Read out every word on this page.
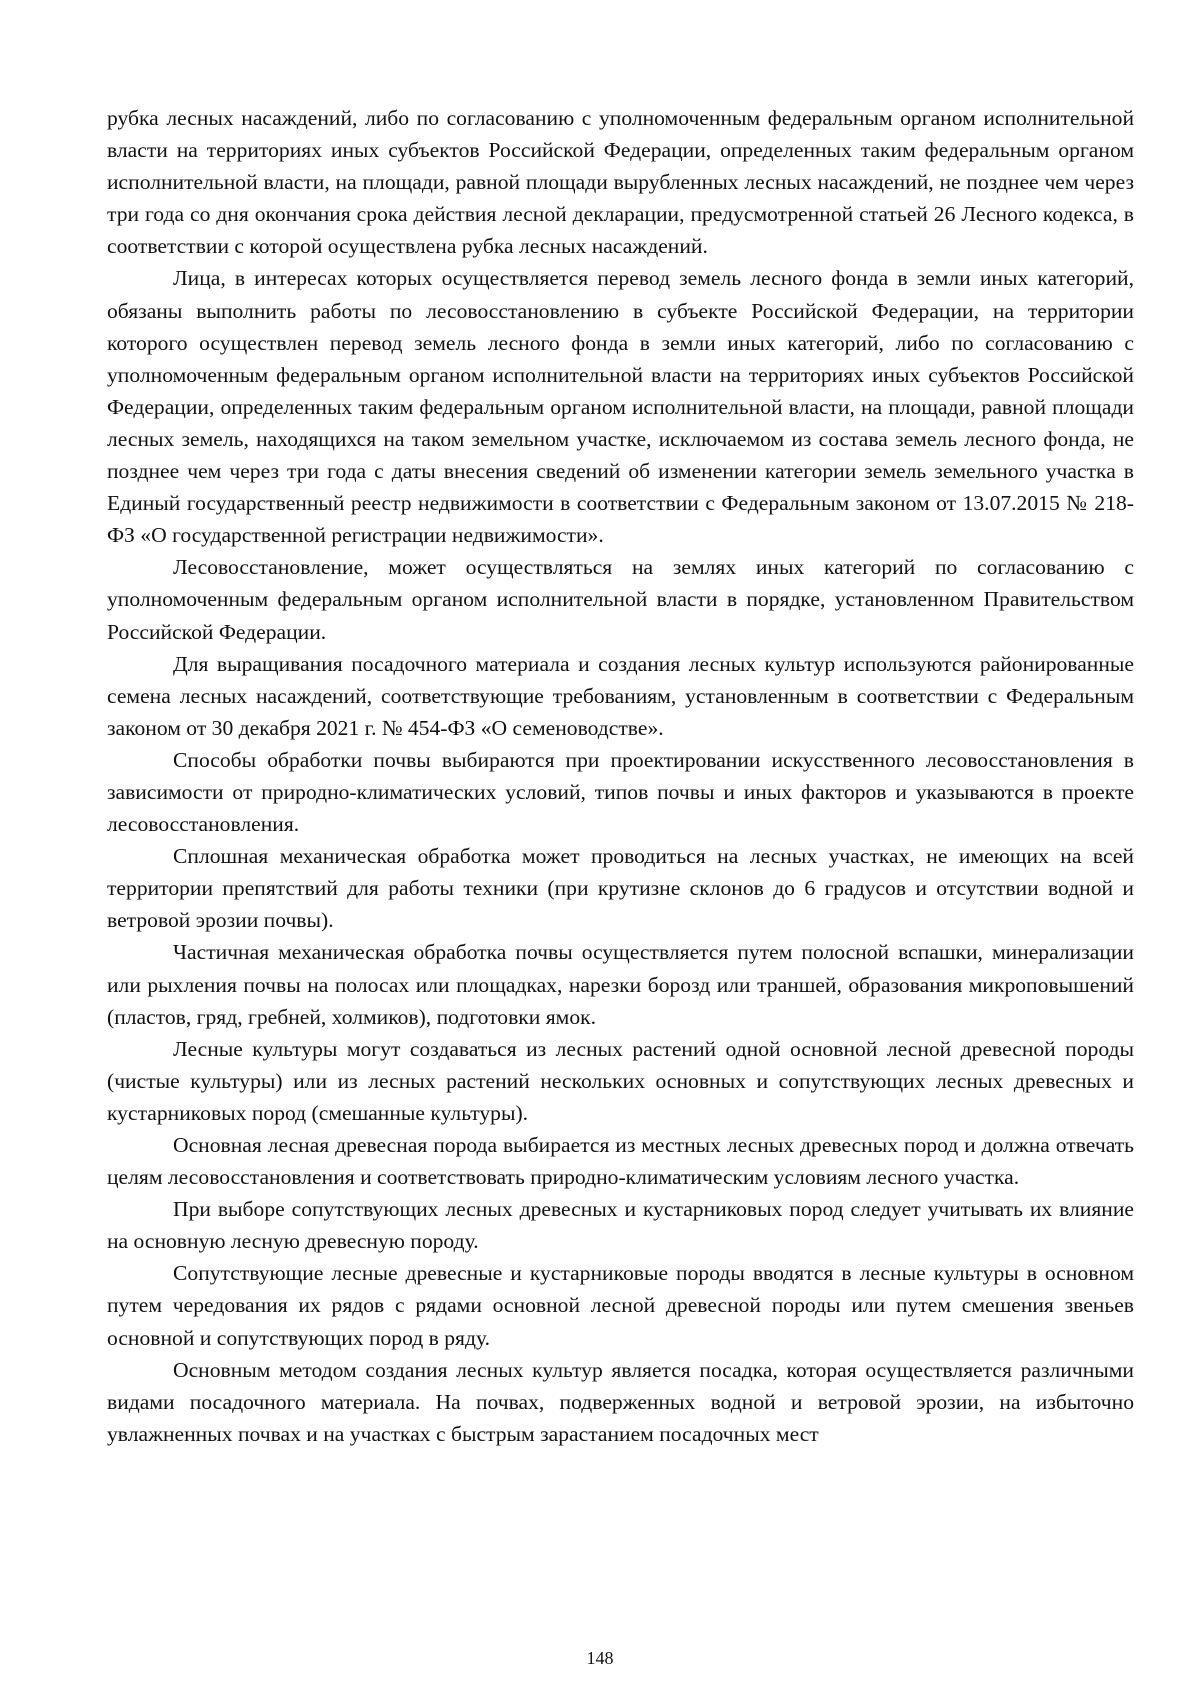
рубка лесных насаждений, либо по согласованию с уполномоченным федеральным органом исполнительной власти на территориях иных субъектов Российской Федерации, определенных таким федеральным органом исполнительной власти, на площади, равной площади вырубленных лесных насаждений, не позднее чем через три года со дня окончания срока действия лесной декларации, предусмотренной статьей 26 Лесного кодекса, в соответствии с которой осуществлена рубка лесных насаждений.

Лица, в интересах которых осуществляется перевод земель лесного фонда в земли иных категорий, обязаны выполнить работы по лесовосстановлению в субъекте Российской Федерации, на территории которого осуществлен перевод земель лесного фонда в земли иных категорий, либо по согласованию с уполномоченным федеральным органом исполнительной власти на территориях иных субъектов Российской Федерации, определенных таким федеральным органом исполнительной власти, на площади, равной площади лесных земель, находящихся на таком земельном участке, исключаемом из состава земель лесного фонда, не позднее чем через три года с даты внесения сведений об изменении категории земель земельного участка в Единый государственный реестр недвижимости в соответствии с Федеральным законом от 13.07.2015 № 218-ФЗ «О государственной регистрации недвижимости».

Лесовосстановление, может осуществляться на землях иных категорий по согласованию с уполномоченным федеральным органом исполнительной власти в порядке, установленном Правительством Российской Федерации.

Для выращивания посадочного материала и создания лесных культур используются районированные семена лесных насаждений, соответствующие требованиям, установленным в соответствии с Федеральным законом от 30 декабря 2021 г. № 454-ФЗ «О семеноводстве».

Способы обработки почвы выбираются при проектировании искусственного лесовосстановления в зависимости от природно-климатических условий, типов почвы и иных факторов и указываются в проекте лесовосстановления.

Сплошная механическая обработка может проводиться на лесных участках, не имеющих на всей территории препятствий для работы техники (при крутизне склонов до 6 градусов и отсутствии водной и ветровой эрозии почвы).

Частичная механическая обработка почвы осуществляется путем полосной вспашки, минерализации или рыхления почвы на полосах или площадках, нарезки борозд или траншей, образования микроповышений (пластов, гряд, гребней, холмиков), подготовки ямок.

Лесные культуры могут создаваться из лесных растений одной основной лесной древесной породы (чистые культуры) или из лесных растений нескольких основных и сопутствующих лесных древесных и кустарниковых пород (смешанные культуры).

Основная лесная древесная порода выбирается из местных лесных древесных пород и должна отвечать целям лесовосстановления и соответствовать природно-климатическим условиям лесного участка.

При выборе сопутствующих лесных древесных и кустарниковых пород следует учитывать их влияние на основную лесную древесную породу.

Сопутствующие лесные древесные и кустарниковые породы вводятся в лесные культуры в основном путем чередования их рядов с рядами основной лесной древесной породы или путем смешения звеньев основной и сопутствующих пород в ряду.

Основным методом создания лесных культур является посадка, которая осуществляется различными видами посадочного материала. На почвах, подверженных водной и ветровой эрозии, на избыточно увлажненных почвах и на участках с быстрым зарастанием посадочных мест

148
